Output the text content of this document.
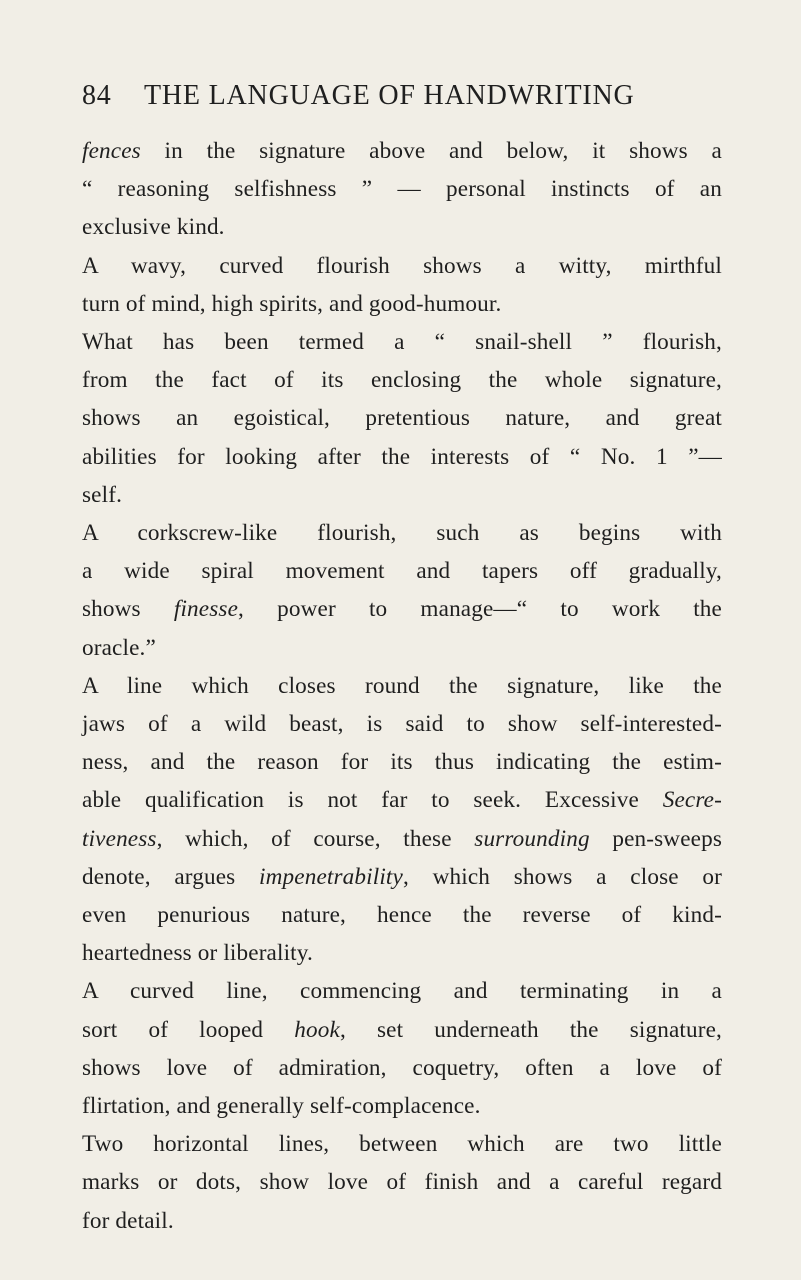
84 THE LANGUAGE OF HANDWRITING

fences in the signature above and below, it shows a
“ reasoning selfishness ” — personal instincts of an
exclusive kind.

A wavy, curved flourish shows a witty, mirthful
turn of mind, high spirits, and good-humour.

What has been termed a “ snail-shell ” flourish,
from the fact of its enclosing the whole signature,
shows an egoistical, pretentious nature, and great
abilities for looking after the interests of “ No. 1 ”—
self.

A corkscrew-like flourish, such as begins with
a wide spiral movement and tapers off gradually,
shows finesse, power to manage—“ to work the
oracle.”

A line which closes round the signature, like the
jaws of a wild beast, is said to show self-interested-
ness, and the reason for its thus indicating the estim-
able qualification is not far to seek. Excessive Secre-
tiveness, which, of course, these surrounding pen-sweeps
denote, argues impenetrability, which shows a close or
even penurious nature, hence the reverse of kind-
heartedness or liberality.

A curved line, commencing and terminating in a
sort of looped hook, set underneath the signature,
shows love of admiration, coquetry, often a love of
flirtation, and generally self-complacence.

Two horizontal lines, between which are two little
marks or dots, show love of finish and a careful regard
for detail.
